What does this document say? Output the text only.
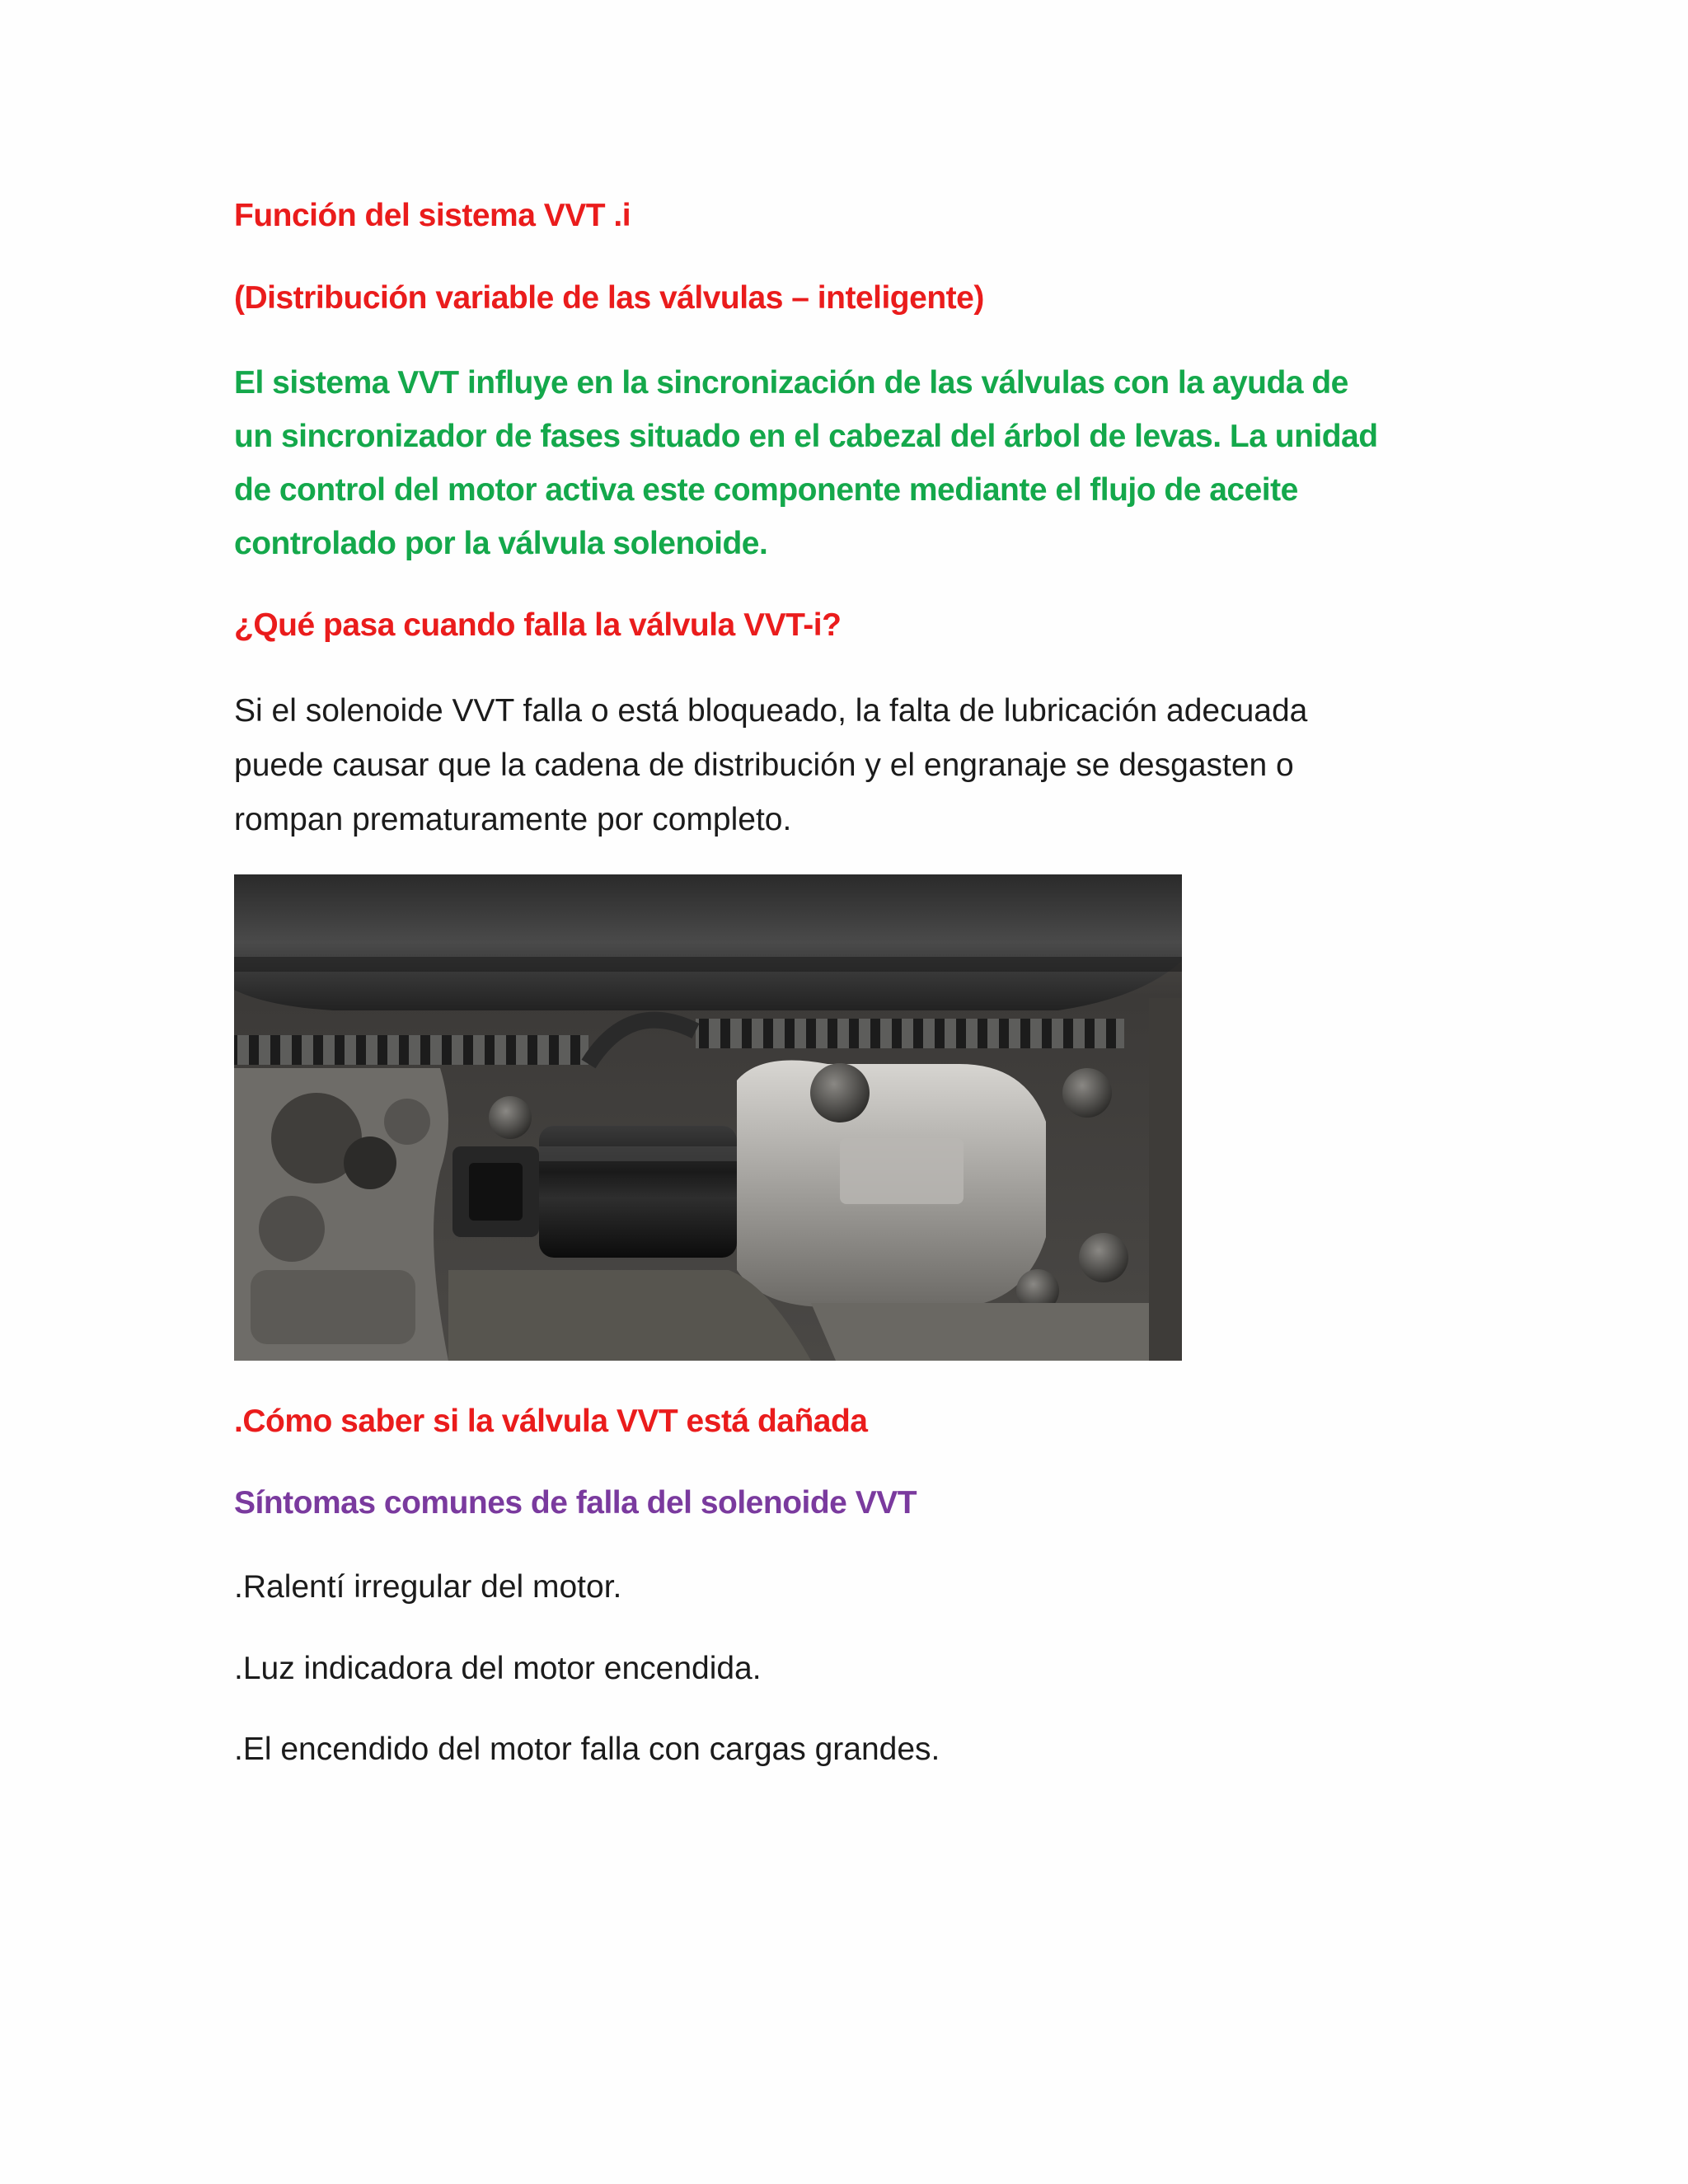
Función del sistema VVT .i

(Distribución variable de las válvulas – inteligente)

El sistema VVT influye en la sincronización de las válvulas con la ayuda de
un sincronizador de fases situado en el cabezal del árbol de levas. La unidad
de control del motor activa este componente mediante el flujo de aceite
controlado por la válvula solenoide.

¿Qué pasa cuando falla la válvula VVT-i?

Si el solenoide VVT falla o está bloqueado, la falta de lubricación adecuada
puede causar que la cadena de distribución y el engranaje se desgasten o
rompan prematuramente por completo.

.Cómo saber si la válvula VVT está dañada

Síntomas comunes de falla del solenoide VVT

.Ralentí irregular del motor.

.Luz indicadora del motor encendida.

.El encendido del motor falla con cargas grandes.
